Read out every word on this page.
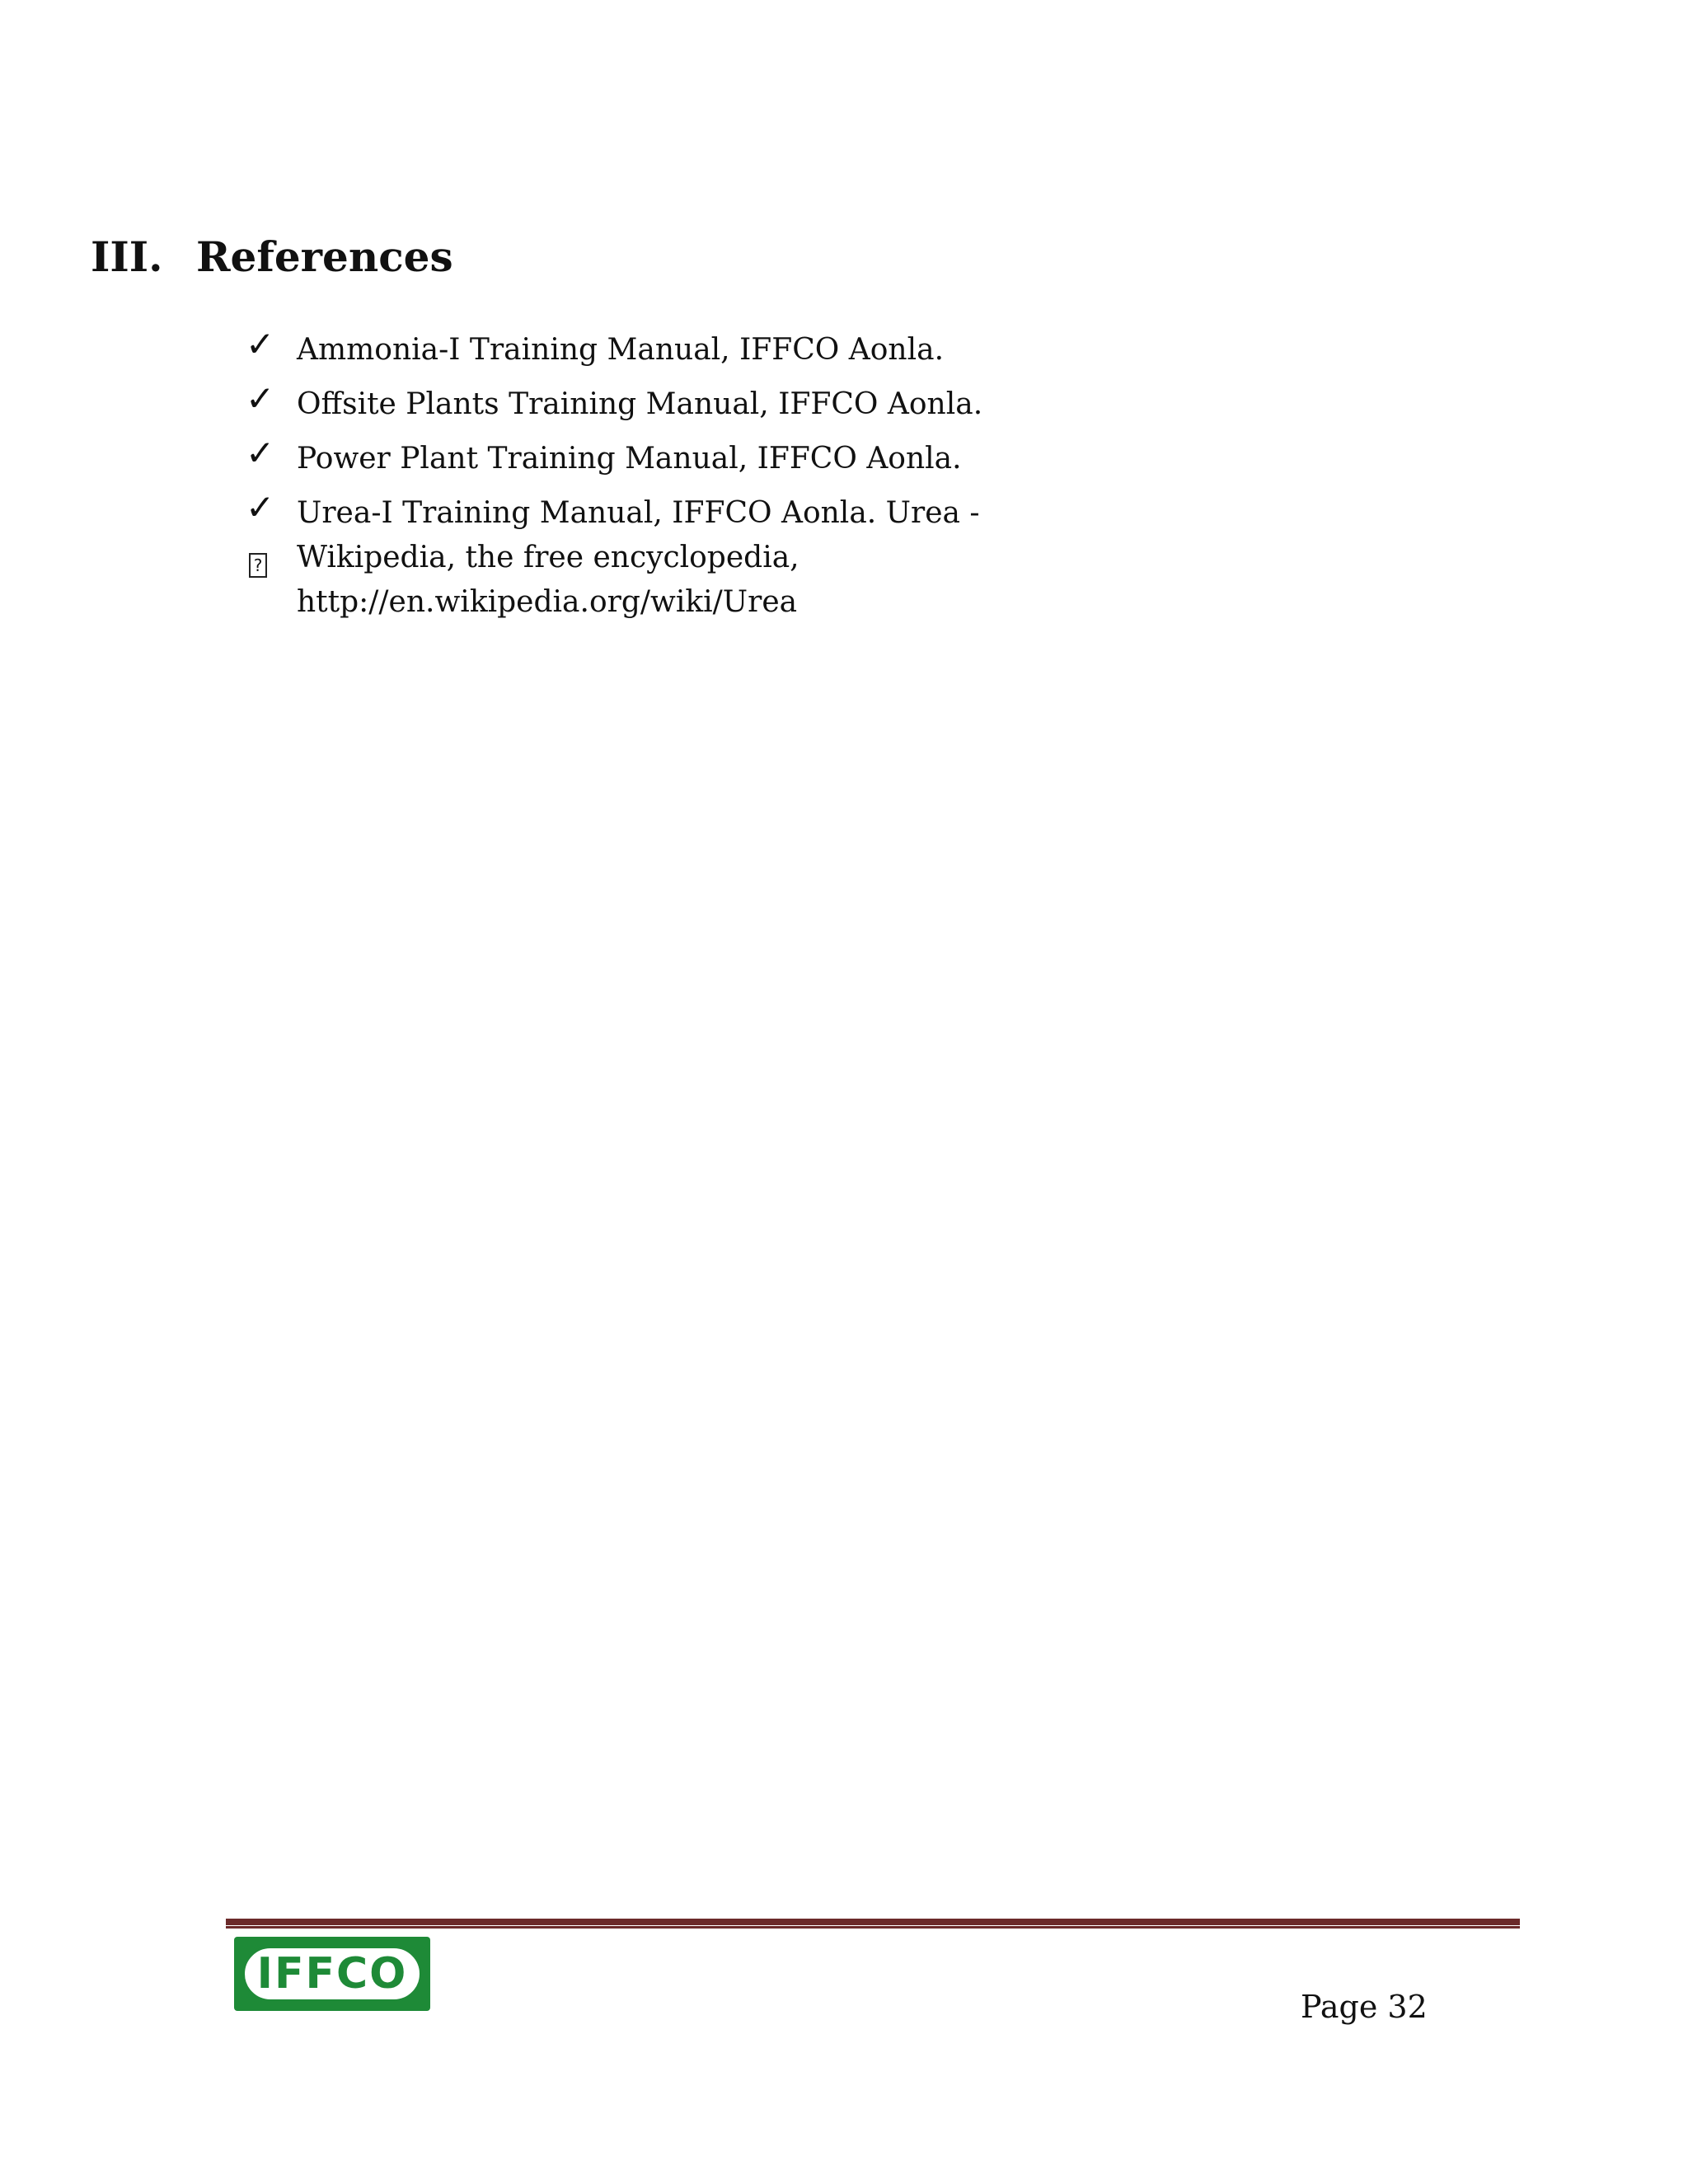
III. References
✓ Ammonia-I Training Manual, IFFCO Aonla.
✓ Offsite Plants Training Manual, IFFCO Aonla.
✓ Power Plant Training Manual, IFFCO Aonla.
✓
?
Urea-I Training Manual, IFFCO Aonla. Urea -
Wikipedia, the free encyclopedia,
http://en.wikipedia.org/wiki/Urea
IFFCO
Page 32
